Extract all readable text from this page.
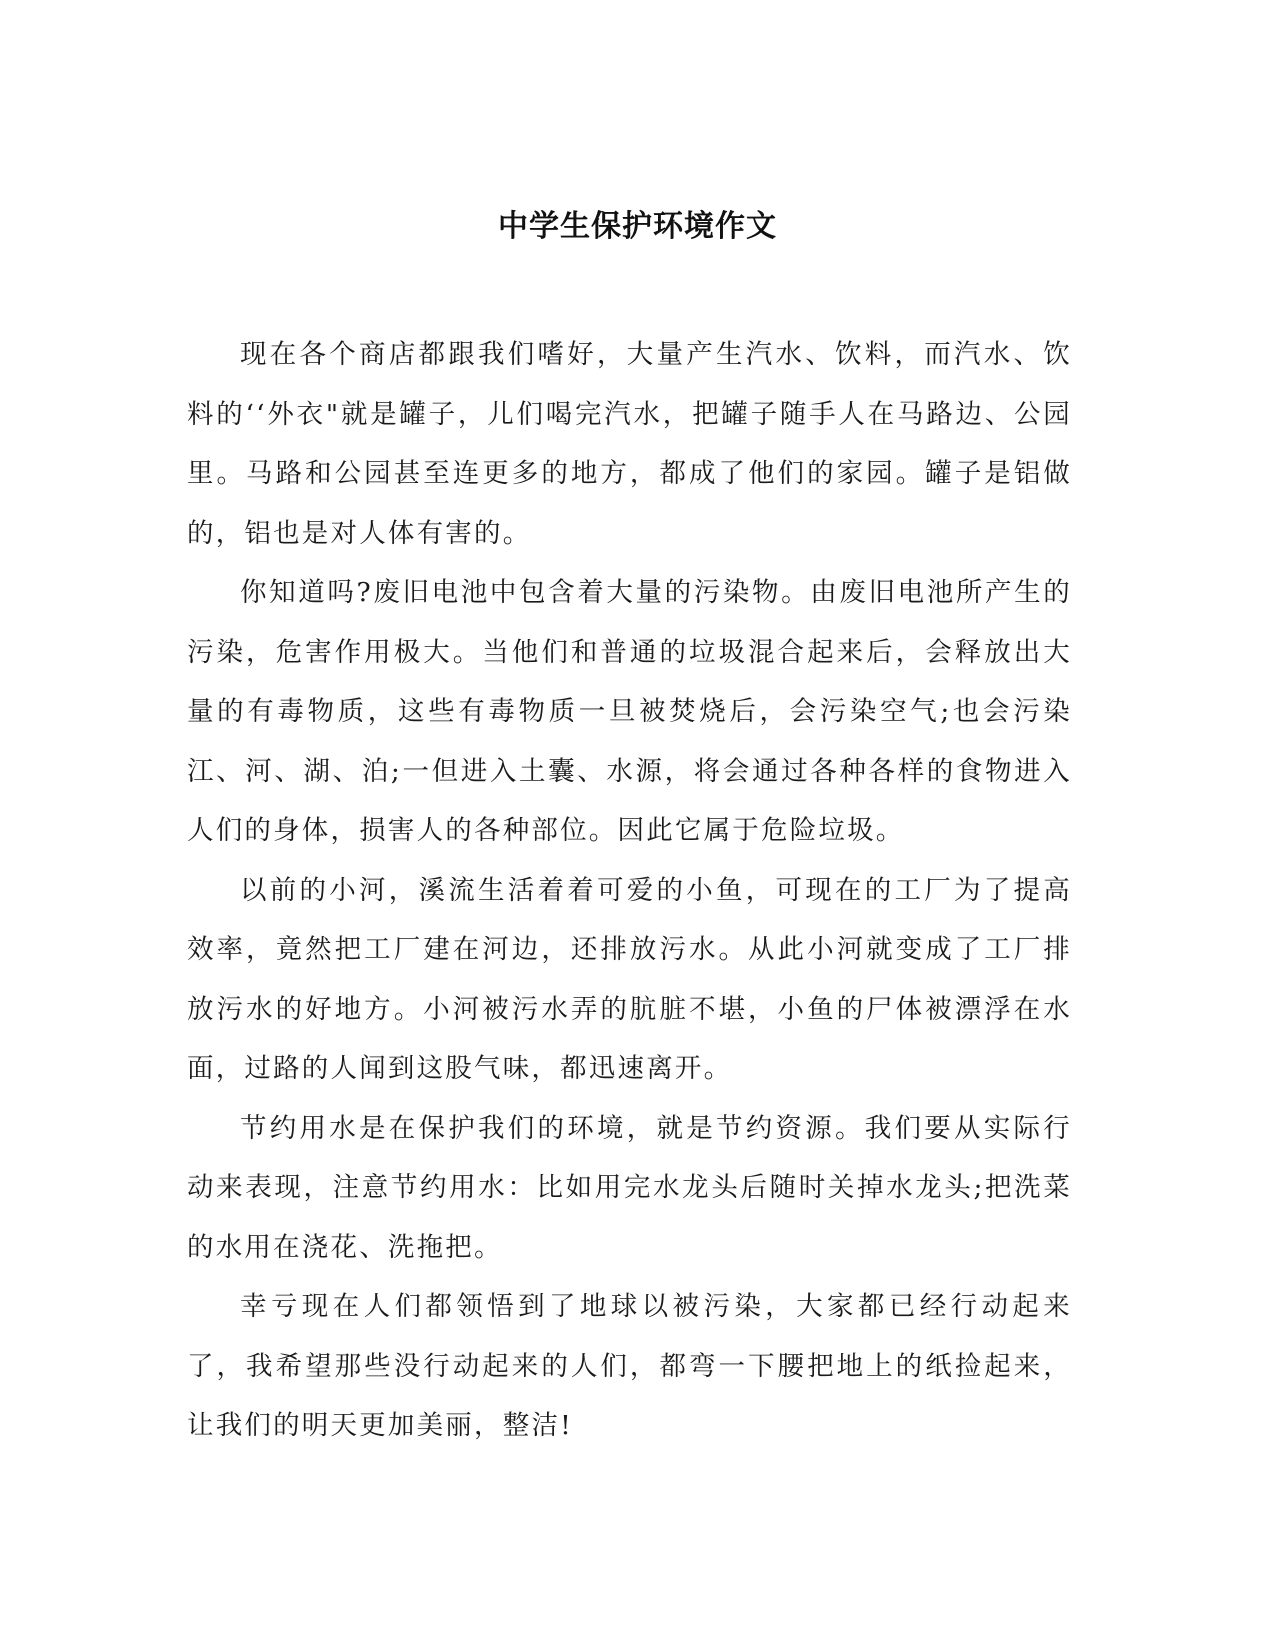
中学生保护环境作文

现在各个商店都跟我们嗜好，大量产生汽水、饮料，而汽水、饮料的‘‘外衣"就是罐子，儿们喝完汽水，把罐子随手人在马路边、公园里。马路和公园甚至连更多的地方，都成了他们的家园。罐子是铝做的，铝也是对人体有害的。

你知道吗?废旧电池中包含着大量的污染物。由废旧电池所产生的污染，危害作用极大。当他们和普通的垃圾混合起来后，会释放出大量的有毒物质，这些有毒物质一旦被焚烧后，会污染空气;也会污染江、河、湖、泊;一但进入土囊、水源，将会通过各种各样的食物进入人们的身体，损害人的各种部位。因此它属于危险垃圾。

以前的小河，溪流生活着着可爱的小鱼，可现在的工厂为了提高效率，竟然把工厂建在河边，还排放污水。从此小河就变成了工厂排放污水的好地方。小河被污水弄的肮脏不堪，小鱼的尸体被漂浮在水面，过路的人闻到这股气味，都迅速离开。

节约用水是在保护我们的环境，就是节约资源。我们要从实际行动来表现，注意节约用水：比如用完水龙头后随时关掉水龙头;把洗菜的水用在浇花、洗拖把。

幸亏现在人们都领悟到了地球以被污染，大家都已经行动起来了，我希望那些没行动起来的人们，都弯一下腰把地上的纸捡起来，让我们的明天更加美丽，整洁!
